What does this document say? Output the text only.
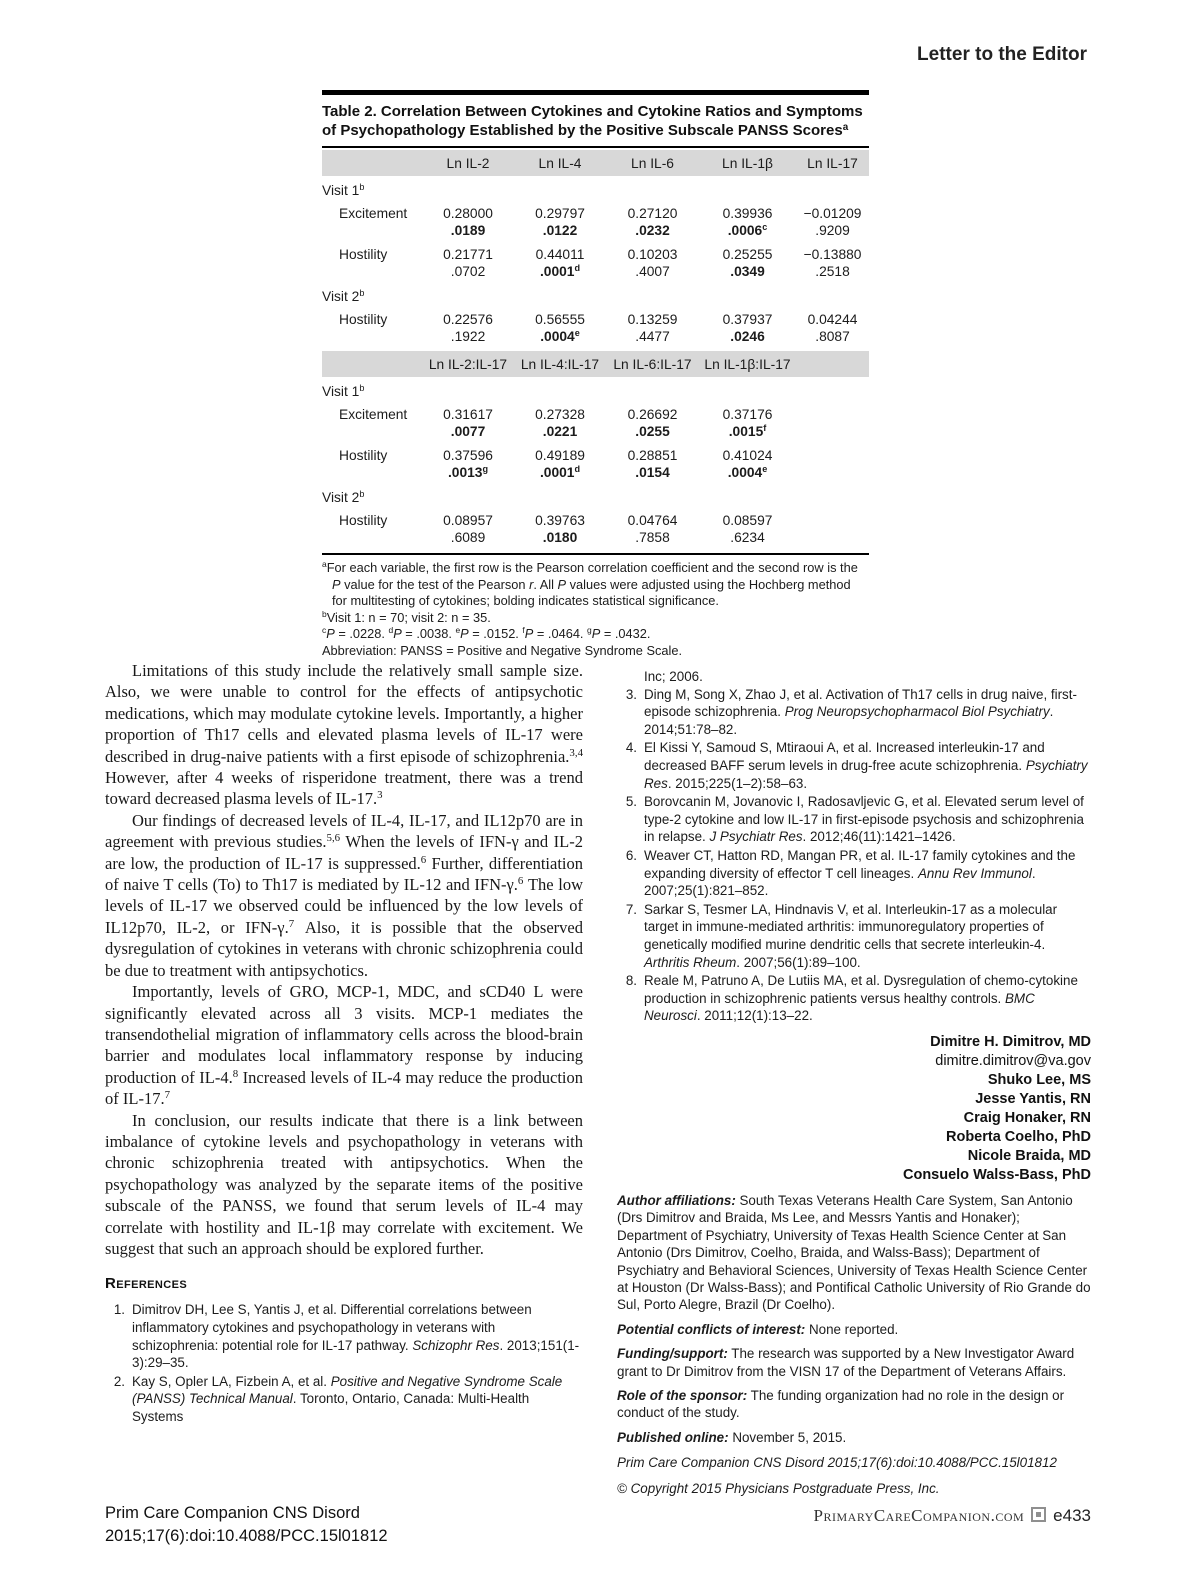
Letter to the Editor
Table 2. Correlation Between Cytokines and Cytokine Ratios and Symptoms of Psychopathology Established by the Positive Subscale PANSS Scores$^a$
	Ln IL-2	Ln IL-4	Ln IL-6	Ln IL-1β	Ln IL-17
Visit 1$^b$
Excitement	0.28000	0.29797	0.27120	0.39936	−0.01209
	.0189	.0122	.0232	.0006$^c$	.9209
Hostility	0.21771	0.44011	0.10203	0.25255	−0.13880
	.0702	.0001$^d$	.4007	.0349	.2518
Visit 2$^b$
Hostility	0.22576	0.56555	0.13259	0.37937	0.04244
	.1922	.0004e	.4477	.0246	.8087
	Ln IL-2:IL-17	Ln IL-4:IL-17	Ln IL-6:IL-17	Ln IL-1β:IL-17	
Visit 1$^b$
Excitement	0.31617	0.27328	0.26692	0.37176	
	.0077	.0221	.0255	.0015$^f$	
Hostility	0.37596	0.49189	0.28851	0.41024	
	.0013$^g$	.0001$^d$	.0154	.0004e	
Visit 2$^b$
Hostility	0.08957	0.39763	0.04764	0.08597	
	.6089	.0180	.7858	.6234	
$^a$For each variable, the first row is the Pearson correlation coefficient and the second row is the P value for the test of the Pearson r. All P values were adjusted using the Hochberg method for multitesting of cytokines; bolding indicates statistical significance.
$^b$Visit 1: n = 70; visit 2: n = 35.
$^c$P = .0228. $^d$P = .0038. $^e$P = .0152. $^f$P = .0464. $^g$P = .0432.
Abbreviation: PANSS = Positive and Negative Syndrome Scale.

Limitations of this study include the relatively small sample size. Also, we were unable to control for the effects of antipsychotic medications, which may modulate cytokine levels. Importantly, a higher proportion of Th17 cells and elevated plasma levels of IL-17 were described in drug-naive patients with a first episode of schizophrenia.$^{3,4}$ However, after 4 weeks of risperidone treatment, there was a trend toward decreased plasma levels of IL-17.$^3$

Our findings of decreased levels of IL-4, IL-17, and IL12p70 are in agreement with previous studies.$^{5,6}$ When the levels of IFN-γ and IL-2 are low, the production of IL-17 is suppressed.$^6$ Further, differentiation of naive T cells (To) to Th17 is mediated by IL-12 and IFN-γ.$^6$ The low levels of IL-17 we observed could be influenced by the low levels of IL12p70, IL-2, or IFN-γ.$^7$ Also, it is possible that the observed dysregulation of cytokines in veterans with chronic schizophrenia could be due to treatment with antipsychotics.

Importantly, levels of GRO, MCP-1, MDC, and sCD40 L were significantly elevated across all 3 visits. MCP-1 mediates the transendothelial migration of inflammatory cells across the blood-brain barrier and modulates local inflammatory response by inducing production of IL-4.$^8$ Increased levels of IL-4 may reduce the production of IL-17.$^7$

In conclusion, our results indicate that there is a link between imbalance of cytokine levels and psychopathology in veterans with chronic schizophrenia treated with antipsychotics. When the psychopathology was analyzed by the separate items of the positive subscale of the PANSS, we found that serum levels of IL-4 may correlate with hostility and IL-1β may correlate with excitement. We suggest that such an approach should be explored further.

References
1. Dimitrov DH, Lee S, Yantis J, et al. Differential correlations between inflammatory cytokines and psychopathology in veterans with schizophrenia: potential role for IL-17 pathway. Schizophr Res. 2013;151(1-3):29–35.
2. Kay S, Opler LA, Fizbein A, et al. Positive and Negative Syndrome Scale (PANSS) Technical Manual. Toronto, Ontario, Canada: Multi-Health Systems
Inc; 2006.
3. Ding M, Song X, Zhao J, et al. Activation of Th17 cells in drug naive, first-episode schizophrenia. Prog Neuropsychopharmacol Biol Psychiatry. 2014;51:78–82.
4. El Kissi Y, Samoud S, Mtiraoui A, et al. Increased interleukin-17 and decreased BAFF serum levels in drug-free acute schizophrenia. Psychiatry Res. 2015;225(1–2):58–63.
5. Borovcanin M, Jovanovic I, Radosavljevic G, et al. Elevated serum level of type-2 cytokine and low IL-17 in first-episode psychosis and schizophrenia in relapse. J Psychiatr Res. 2012;46(11):1421–1426.
6. Weaver CT, Hatton RD, Mangan PR, et al. IL-17 family cytokines and the expanding diversity of effector T cell lineages. Annu Rev Immunol. 2007;25(1):821–852.
7. Sarkar S, Tesmer LA, Hindnavis V, et al. Interleukin-17 as a molecular target in immune-mediated arthritis: immunoregulatory properties of genetically modified murine dendritic cells that secrete interleukin-4. Arthritis Rheum. 2007;56(1):89–100.
8. Reale M, Patruno A, De Lutiis MA, et al. Dysregulation of chemo-cytokine production in schizophrenic patients versus healthy controls. BMC Neurosci. 2011;12(1):13–22.
Dimitre H. Dimitrov, MD
dimitre.dimitrov@va.gov
Shuko Lee, MS
Jesse Yantis, RN
Craig Honaker, RN
Roberta Coelho, PhD
Nicole Braida, MD
Consuelo Walss-Bass, PhD
Author affiliations: South Texas Veterans Health Care System, San Antonio (Drs Dimitrov and Braida, Ms Lee, and Messrs Yantis and Honaker); Department of Psychiatry, University of Texas Health Science Center at San Antonio (Drs Dimitrov, Coelho, Braida, and Walss-Bass); Department of Psychiatry and Behavioral Sciences, University of Texas Health Science Center at Houston (Dr Walss-Bass); and Pontifical Catholic University of Rio Grande do Sul, Porto Alegre, Brazil (Dr Coelho).
Potential conflicts of interest: None reported.
Funding/support: The research was supported by a New Investigator Award grant to Dr Dimitrov from the VISN 17 of the Department of Veterans Affairs.
Role of the sponsor: The funding organization had no role in the design or conduct of the study.
Published online: November 5, 2015.
Prim Care Companion CNS Disord 2015;17(6):doi:10.4088/PCC.15l01812
© Copyright 2015 Physicians Postgraduate Press, Inc.
Prim Care Companion CNS Disord
2015;17(6):doi:10.4088/PCC.15l01812
PrimaryCareCompanion.com e433
